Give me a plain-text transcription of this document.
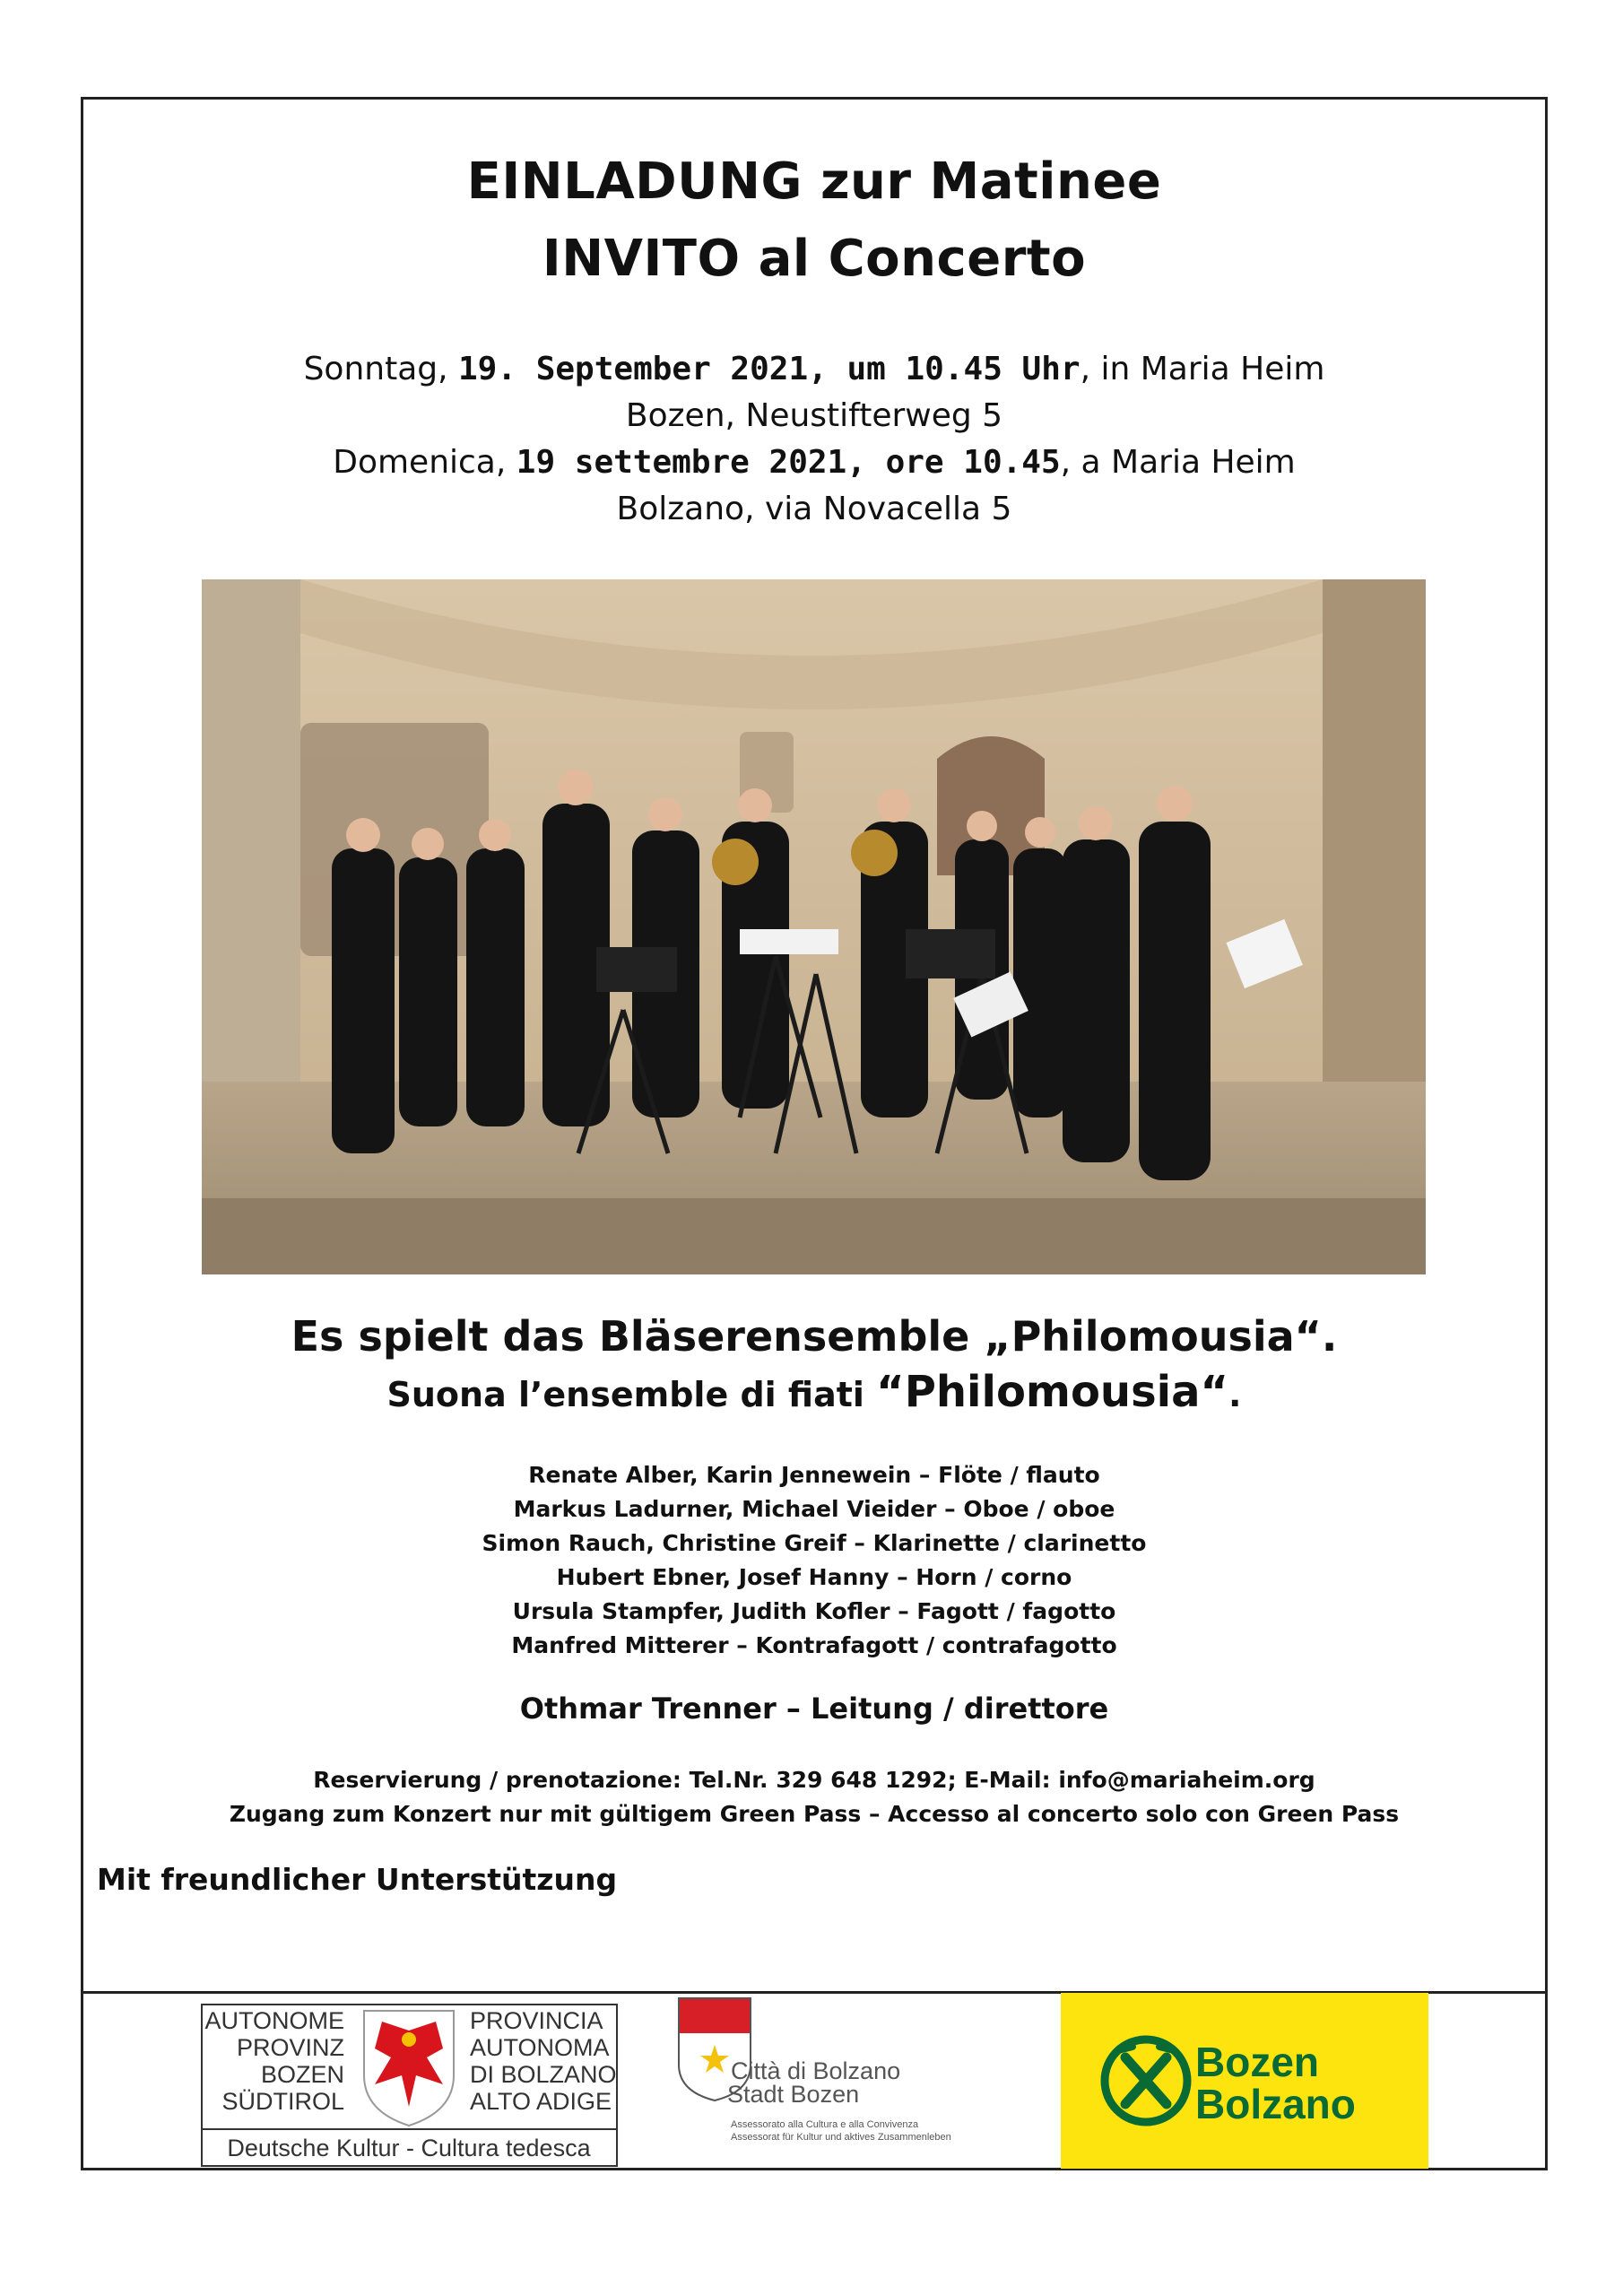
EINLADUNG zur Matinee
INVITO al Concerto
Sonntag, 19. September 2021, um 10.45 Uhr, in Maria Heim
Bozen, Neustifterweg 5
Domenica, 19 settembre 2021, ore 10.45, a Maria Heim
Bolzano, via Novacella 5
Es spielt das Bläserensemble „Philomousia“.
Suona l’ensemble di fiati “Philomousia“.
Renate Alber, Karin Jennewein – Flöte / flauto
Markus Ladurner, Michael Vieider – Oboe / oboe
Simon Rauch, Christine Greif – Klarinette / clarinetto
Hubert Ebner, Josef Hanny – Horn / corno
Ursula Stampfer, Judith Kofler – Fagott / fagotto
Manfred Mitterer – Kontrafagott / contrafagotto
Othmar Trenner – Leitung / direttore
Reservierung / prenotazione: Tel.Nr. 329 648 1292; E-Mail: info@mariaheim.org
Zugang zum Konzert nur mit gültigem Green Pass – Accesso al concerto solo con Green Pass
Mit freundlicher Unterstützung
AUTONOME
PROVINZ
BOZEN
SÜDTIROL
PROVINCIA
AUTONOMA
DI BOLZANO
ALTO ADIGE
Deutsche Kultur - Cultura tedesca
Città di Bolzano
Stadt Bozen
Assessorato alla Cultura e alla Convivenza
Assessorat für Kultur und aktives Zusammenleben
Bozen
Bolzano
